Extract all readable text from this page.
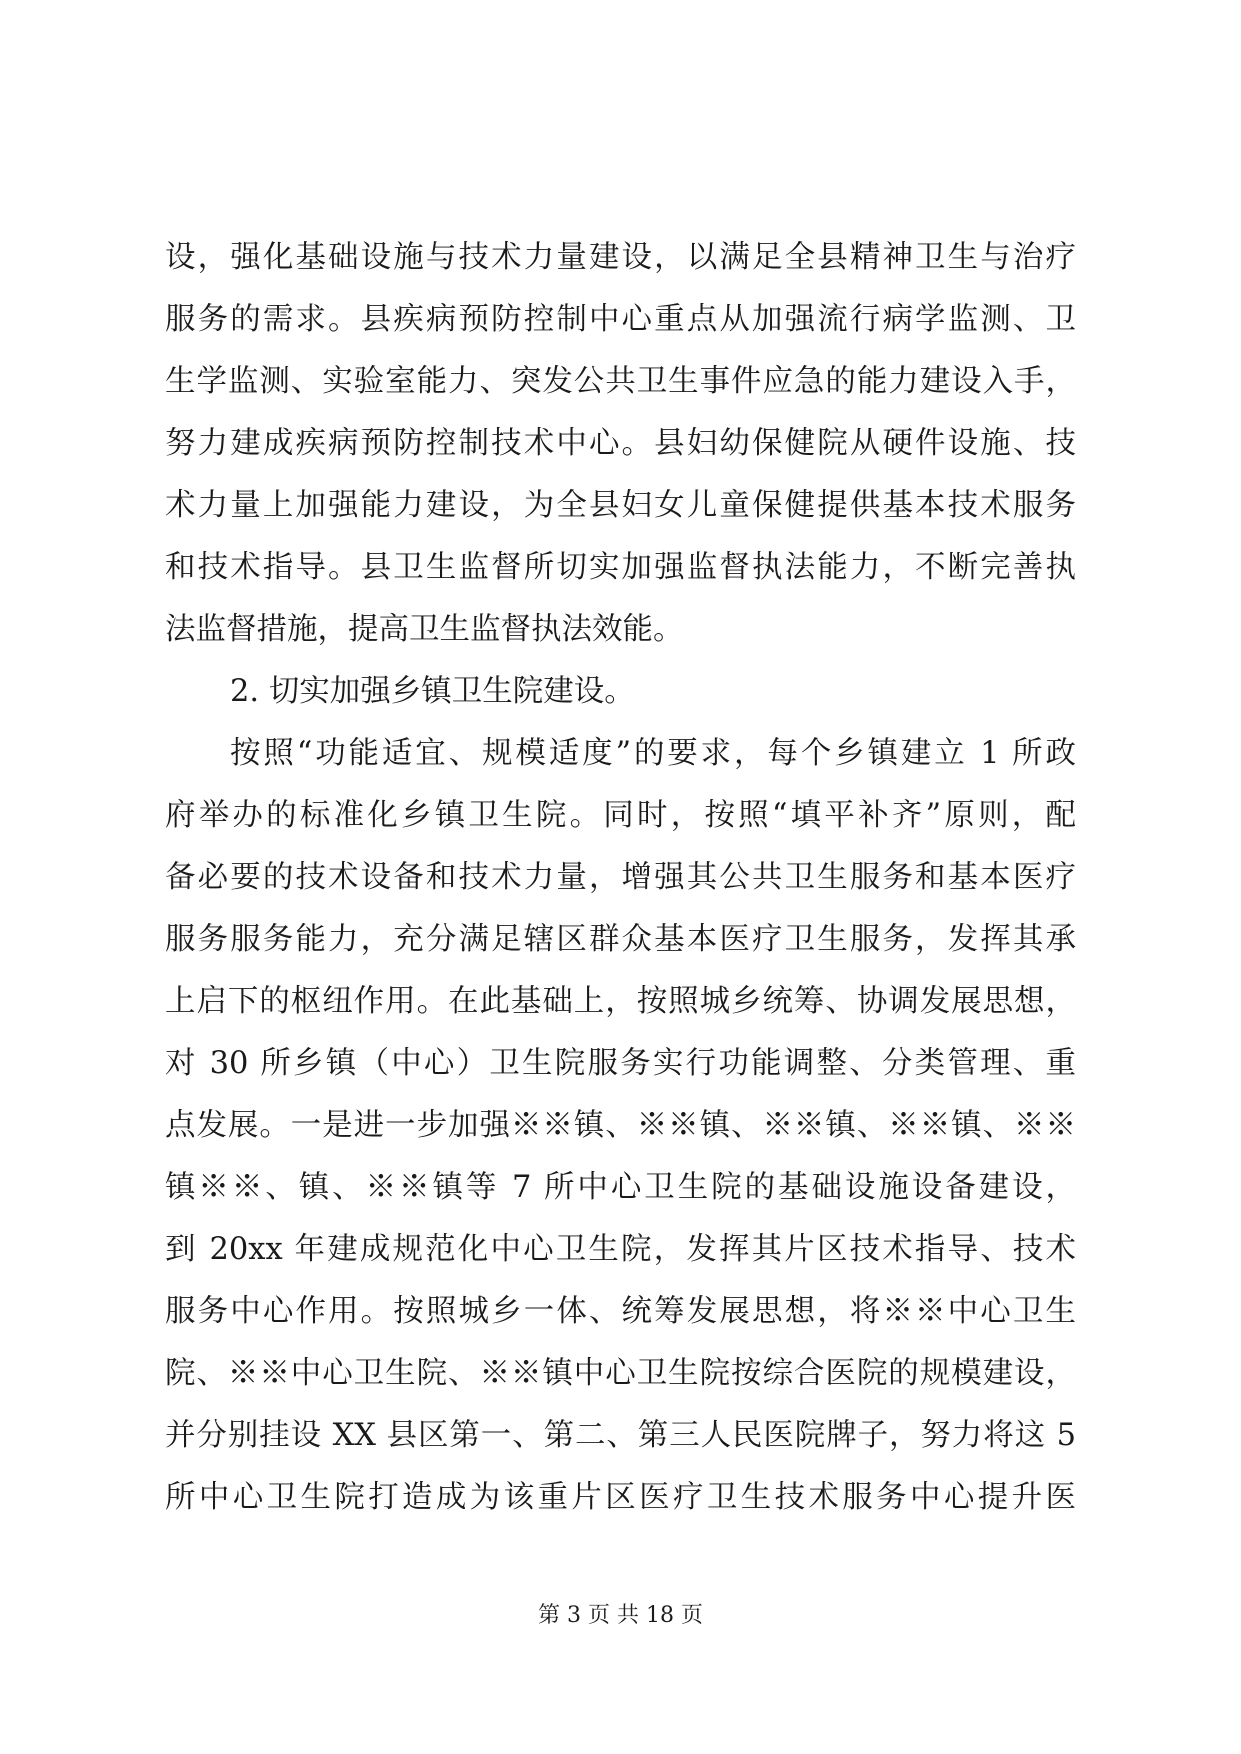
设，强化基础设施与技术力量建设，以满足全县精神卫生与治疗
服务的需求。县疾病预防控制中心重点从加强流行病学监测、卫
生学监测、实验室能力、突发公共卫生事件应急的能力建设入手，
努力建成疾病预防控制技术中心。县妇幼保健院从硬件设施、技
术力量上加强能力建设，为全县妇女儿童保健提供基本技术服务
和技术指导。县卫生监督所切实加强监督执法能力，不断完善执
法监督措施，提高卫生监督执法效能。
2. 切实加强乡镇卫生院建设。
按照“功能适宜、规模适度”的要求，每个乡镇建立 1 所政
府举办的标准化乡镇卫生院。同时，按照“填平补齐”原则，配
备必要的技术设备和技术力量，增强其公共卫生服务和基本医疗
服务服务能力，充分满足辖区群众基本医疗卫生服务，发挥其承
上启下的枢纽作用。在此基础上，按照城乡统筹、协调发展思想，
对 30 所乡镇（中心）卫生院服务实行功能调整、分类管理、重
点发展。一是进一步加强※※镇、※※镇、※※镇、※※镇、※※
镇※※、镇、※※镇等 7 所中心卫生院的基础设施设备建设，
到 20xx 年建成规范化中心卫生院，发挥其片区技术指导、技术
服务中心作用。按照城乡一体、统筹发展思想，将※※中心卫生
院、※※中心卫生院、※※镇中心卫生院按综合医院的规模建设，
并分别挂设 XX 县区第一、第二、第三人民医院牌子，努力将这 5
所中心卫生院打造成为该重片区医疗卫生技术服务中心提升医
第 3 页 共 18 页
